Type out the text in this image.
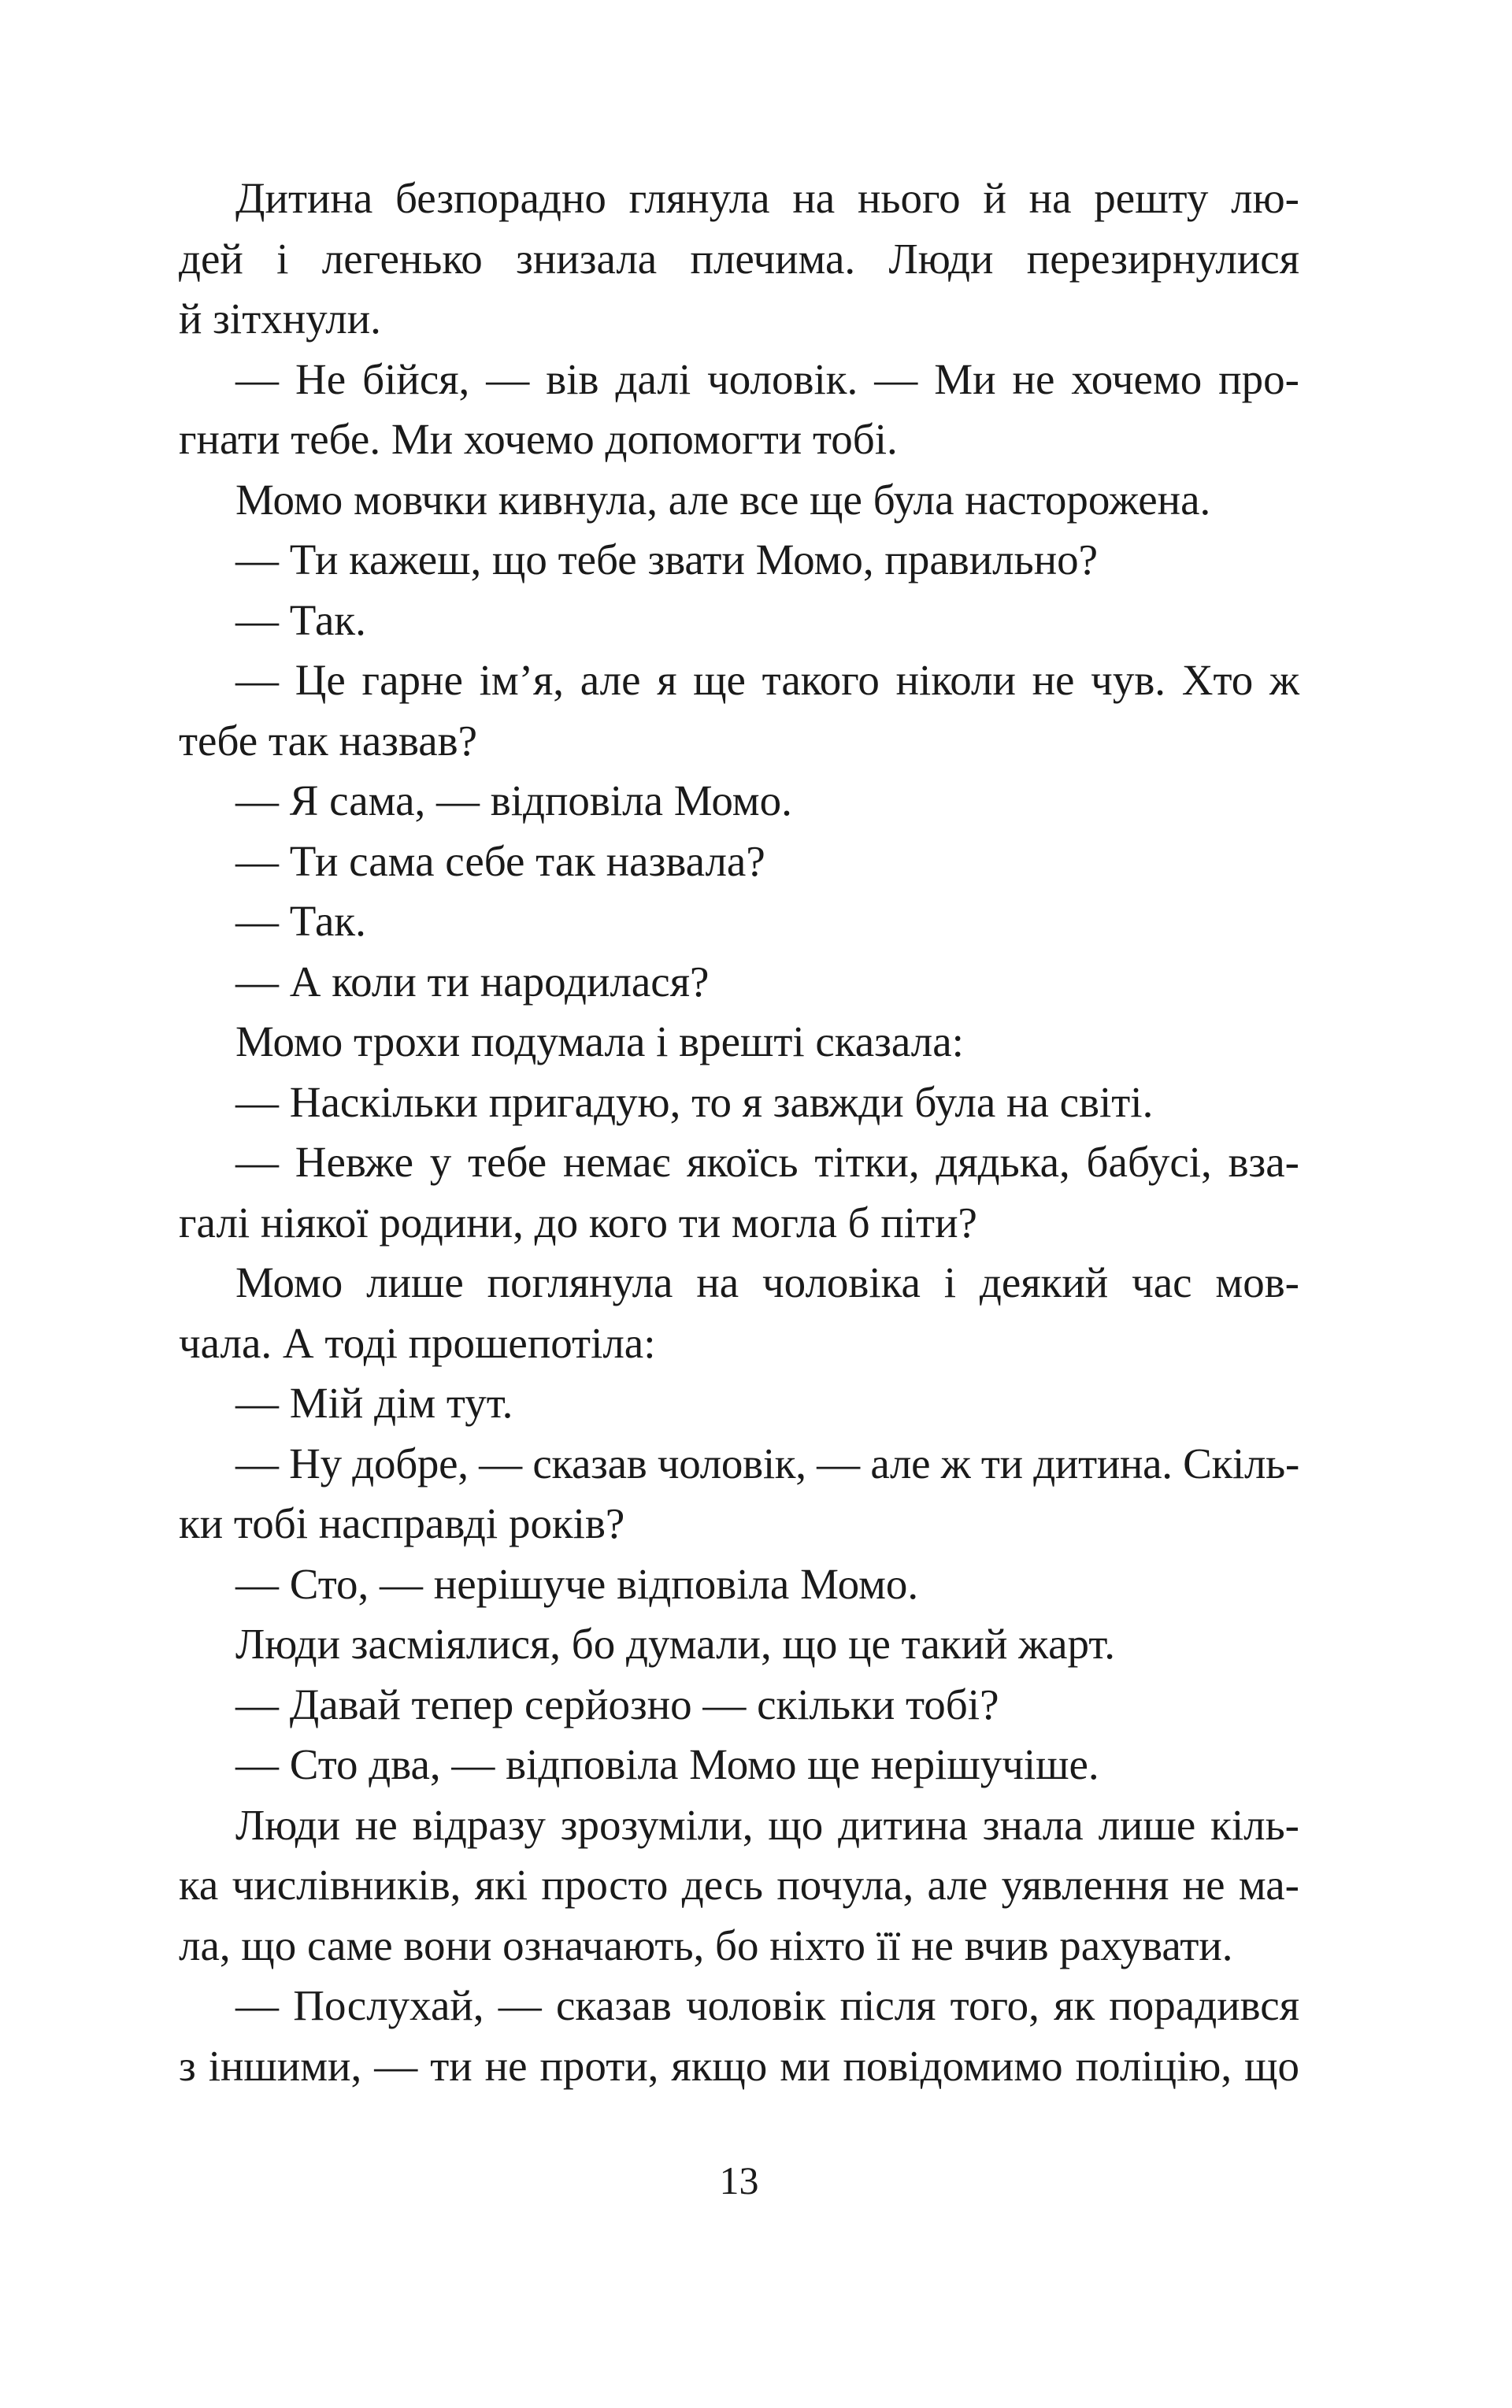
Дитина безпорадно глянула на нього й на решту лю-
дей і легенько знизала плечима. Люди перезирнулися
й зітхнули.
— Не бійся, — вів далі чоловік. — Ми не хочемо про-
гнати тебе. Ми хочемо допомогти тобі.
Момо мовчки кивнула, але все ще була насторожена.
— Ти кажеш, що тебе звати Момо, правильно?
— Так.
— Це гарне ім’я, але я ще такого ніколи не чув. Хто ж
тебе так назвав?
— Я сама, — відповіла Момо.
— Ти сама себе так назвала?
— Так.
— А коли ти народилася?
Момо трохи подумала і врешті сказала:
— Наскільки пригадую, то я завжди була на світі.
— Невже у тебе немає якоїсь тітки, дядька, бабусі, вза-
галі ніякої родини, до кого ти могла б піти?
Момо лише поглянула на чоловіка і деякий час мов-
чала. А тоді прошепотіла:
— Мій дім тут.
— Ну добре, — сказав чоловік, — але ж ти дитина. Скіль-
ки тобі насправді років?
— Сто, — нерішуче відповіла Момо.
Люди засміялися, бо думали, що це такий жарт.
— Давай тепер серйозно — скільки тобі?
— Сто два, — відповіла Момо ще нерішучіше.
Люди не відразу зрозуміли, що дитина знала лише кіль-
ка числівників, які просто десь почула, але уявлення не ма-
ла, що саме вони означають, бо ніхто її не вчив рахувати.
— Послухай, — сказав чоловік після того, як порадився
з іншими, — ти не проти, якщо ми повідомимо поліцію, що
13
